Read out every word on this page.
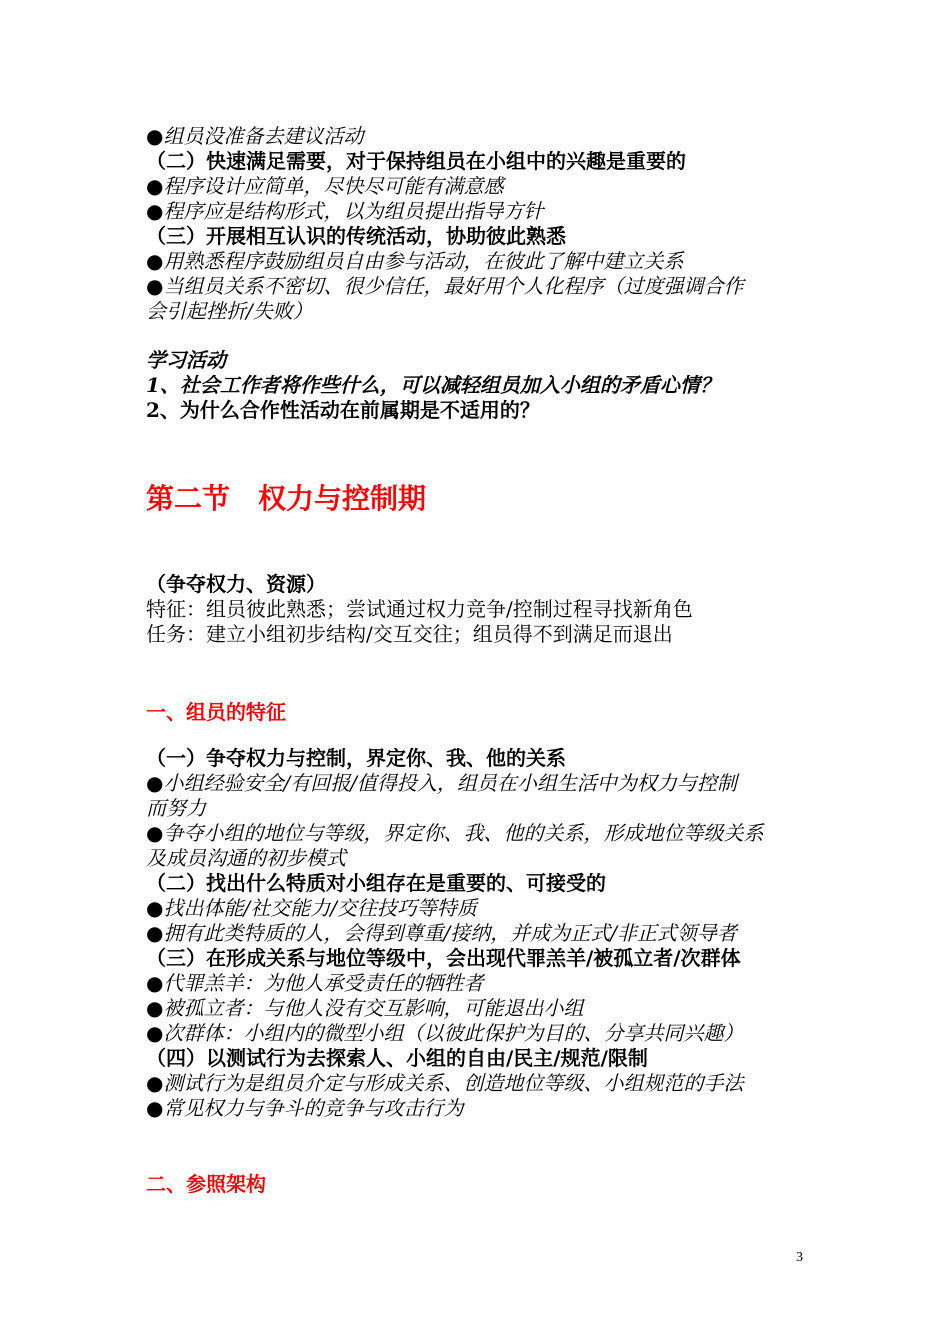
●组员没准备去建议活动
（二）快速满足需要，对于保持组员在小组中的兴趣是重要的
●程序设计应简单，尽快尽可能有满意感
●程序应是结构形式，以为组员提出指导方针
（三）开展相互认识的传统活动，协助彼此熟悉
●用熟悉程序鼓励组员自由参与活动，在彼此了解中建立关系
●当组员关系不密切、很少信任，最好用个人化程序（过度强调合作
会引起挫折/失败）
学习活动
1、社会工作者将作些什么，可以减轻组员加入小组的矛盾心情？
2、为什么合作性活动在前属期是不适用的？
第二节　权力与控制期
（争夺权力、资源）
特征：组员彼此熟悉；尝试通过权力竞争/控制过程寻找新角色
任务：建立小组初步结构/交互交往；组员得不到满足而退出
一、组员的特征
（一）争夺权力与控制，界定你、我、他的关系
●小组经验安全/有回报/值得投入，组员在小组生活中为权力与控制
而努力
●争夺小组的地位与等级，界定你、我、他的关系，形成地位等级关系
及成员沟通的初步模式
（二）找出什么特质对小组存在是重要的、可接受的
●找出体能/社交能力/交往技巧等特质
●拥有此类特质的人，会得到尊重/接纳，并成为正式/非正式领导者
（三）在形成关系与地位等级中，会出现代罪羔羊/被孤立者/次群体
●代罪羔羊：为他人承受责任的牺牲者
●被孤立者：与他人没有交互影响，可能退出小组
●次群体：小组内的微型小组（以彼此保护为目的、分享共同兴趣）
（四）以测试行为去探索人、小组的自由/民主/规范/限制
●测试行为是组员介定与形成关系、创造地位等级、小组规范的手法
●常见权力与争斗的竞争与攻击行为
二、参照架构
3
